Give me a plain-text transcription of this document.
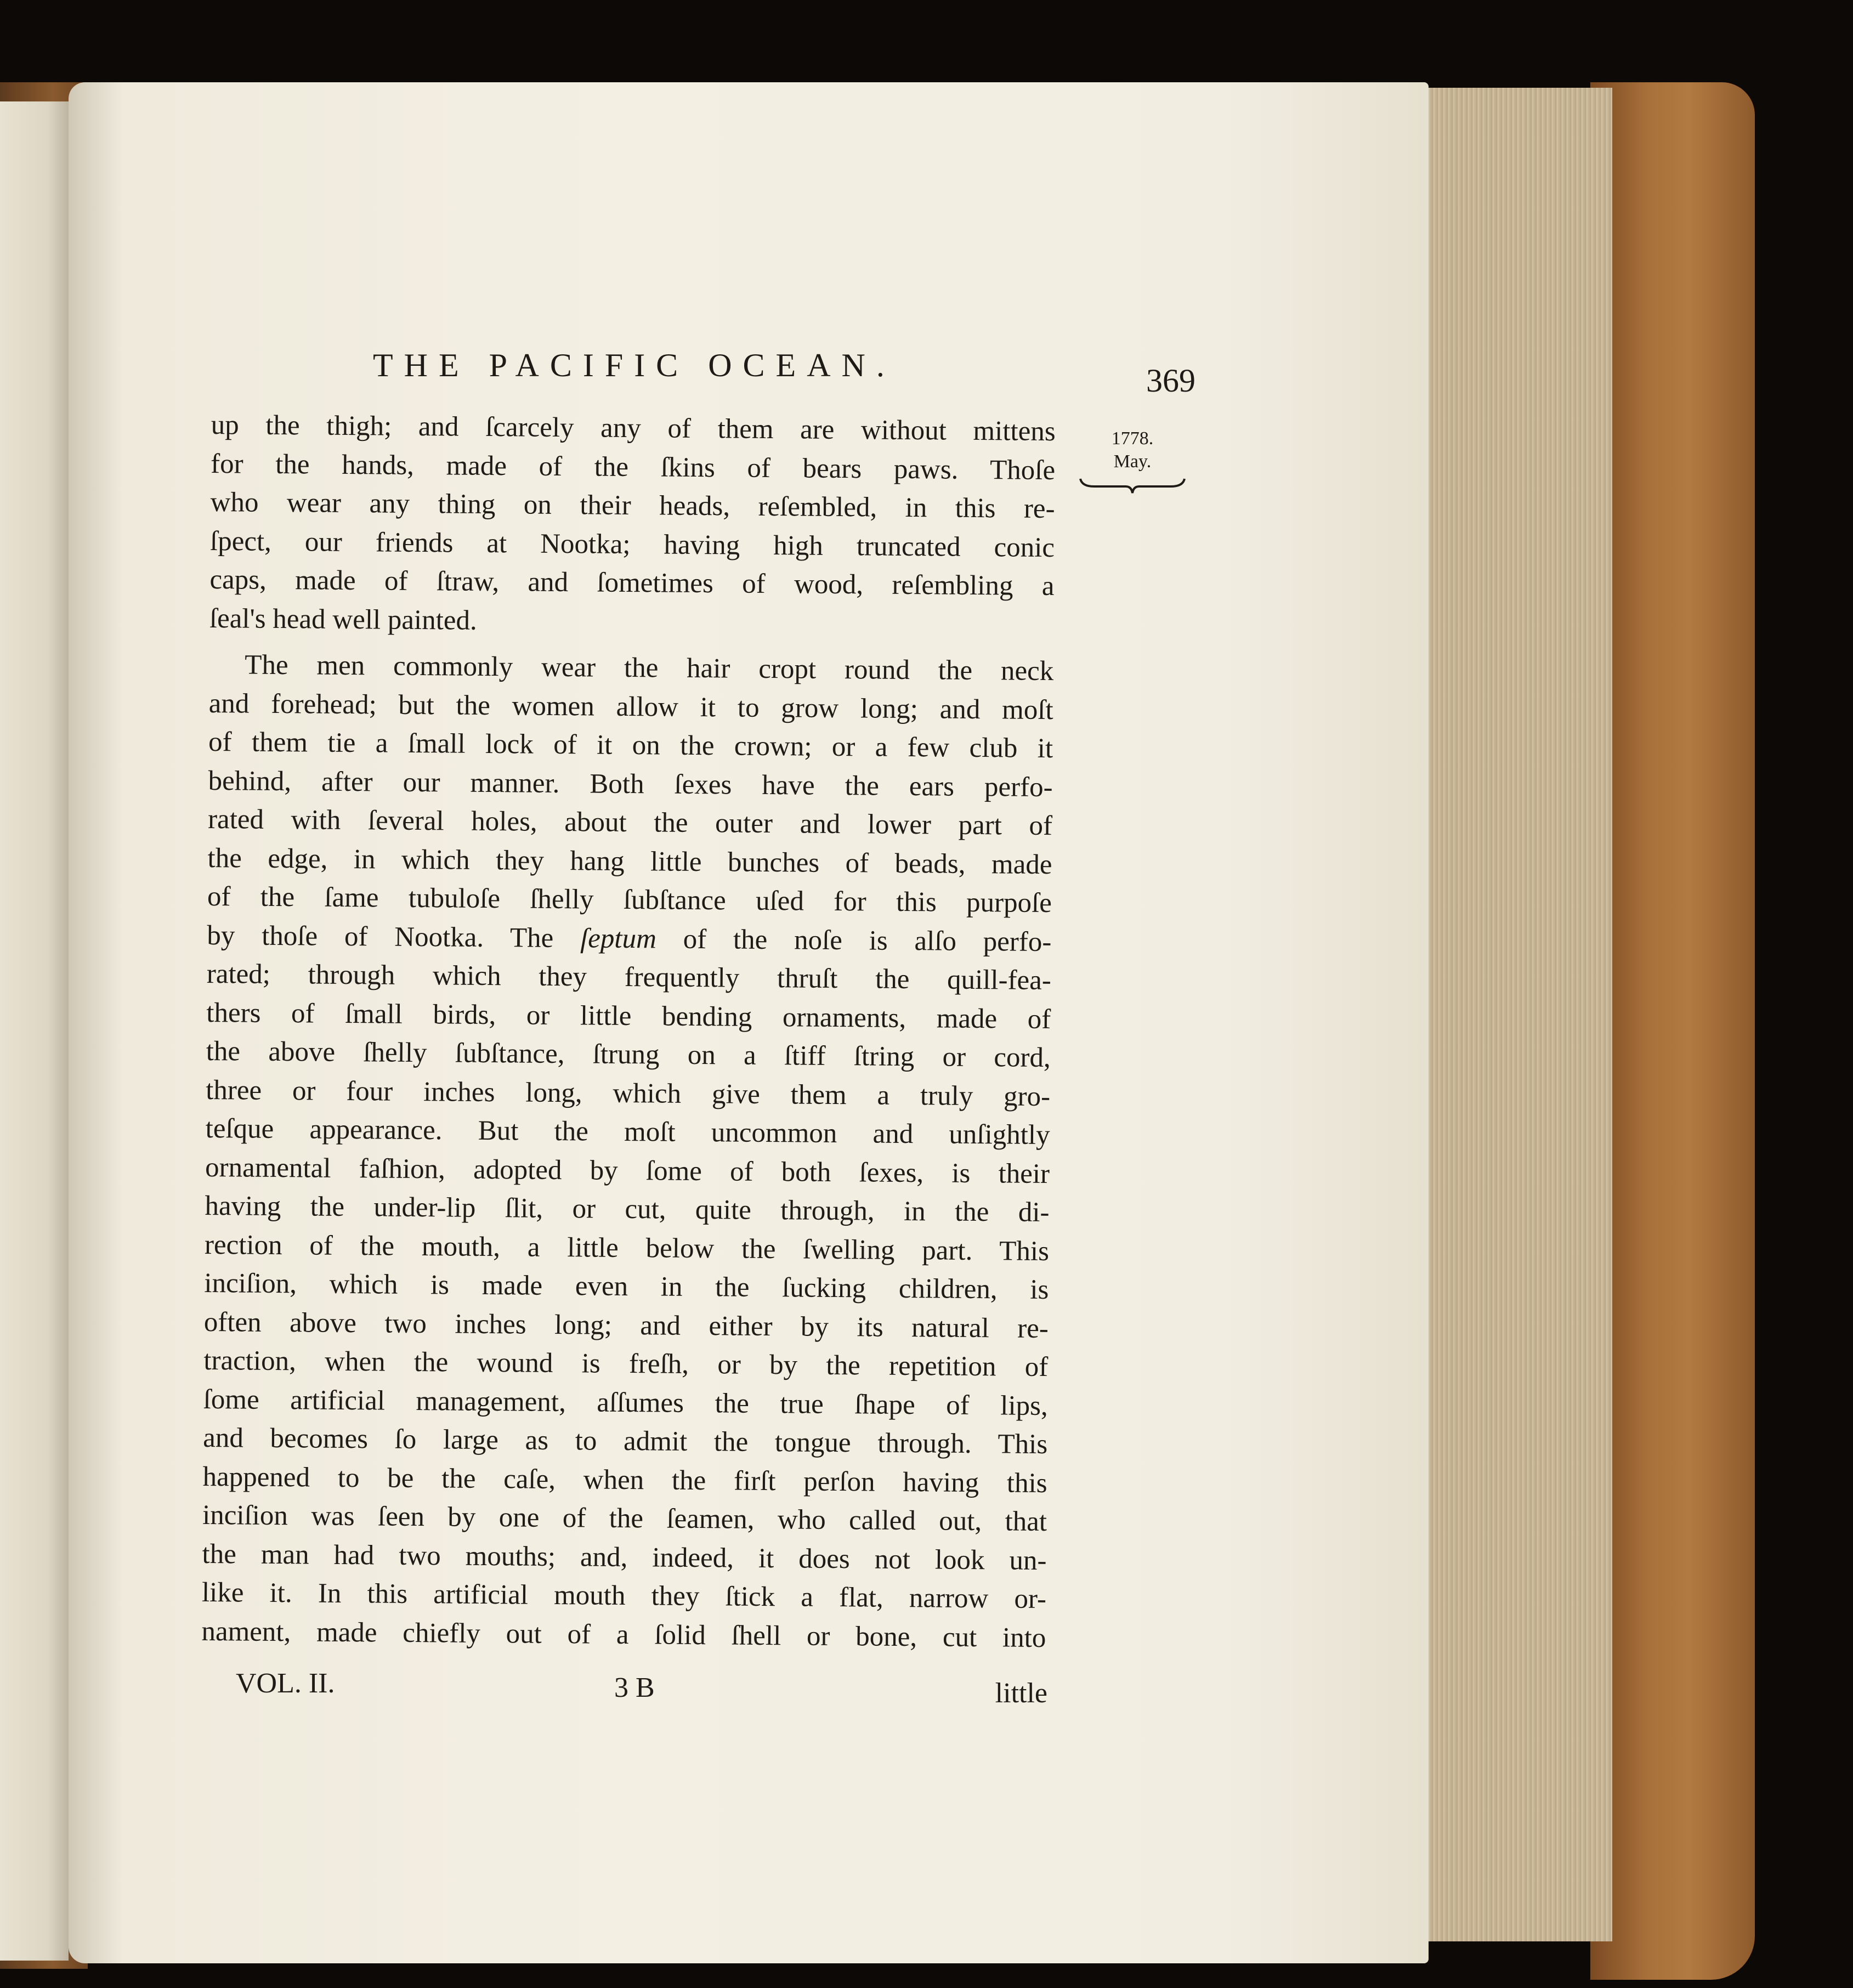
THE PACIFIC OCEAN.	369
1778.
May.
up the thigh; and ſcarcely any of them are without mittens
for the hands, made of the ſkins of bears paws. Thoſe
who wear any thing on their heads, reſembled, in this re-
ſpect, our friends at Nootka; having high truncated conic
caps, made of ſtraw, and ſometimes of wood, reſembling a
ſeal's head well painted.
The men commonly wear the hair cropt round the neck
and forehead; but the women allow it to grow long; and moſt
of them tie a ſmall lock of it on the crown; or a few club it
behind, after our manner. Both ſexes have the ears perfo-
rated with ſeveral holes, about the outer and lower part of
the edge, in which they hang little bunches of beads, made
of the ſame tubuloſe ſhelly ſubſtance uſed for this purpoſe
by thoſe of Nootka. The ſeptum of the noſe is alſo perfo-
rated; through which they frequently thruſt the quill-fea-
thers of ſmall birds, or little bending ornaments, made of
the above ſhelly ſubſtance, ſtrung on a ſtiff ſtring or cord,
three or four inches long, which give them a truly gro-
teſque appearance. But the moſt uncommon and unſightly
ornamental faſhion, adopted by ſome of both ſexes, is their
having the under-lip ſlit, or cut, quite through, in the di-
rection of the mouth, a little below the ſwelling part. This
inciſion, which is made even in the ſucking children, is
often above two inches long; and either by its natural re-
traction, when the wound is freſh, or by the repetition of
ſome artificial management, aſſumes the true ſhape of lips,
and becomes ſo large as to admit the tongue through. This
happened to be the caſe, when the firſt perſon having this
inciſion was ſeen by one of the ſeamen, who called out, that
the man had two mouths; and, indeed, it does not look un-
like it. In this artificial mouth they ſtick a flat, narrow or-
nament, made chiefly out of a ſolid ſhell or bone, cut into
VOL. II.	3 B	little
